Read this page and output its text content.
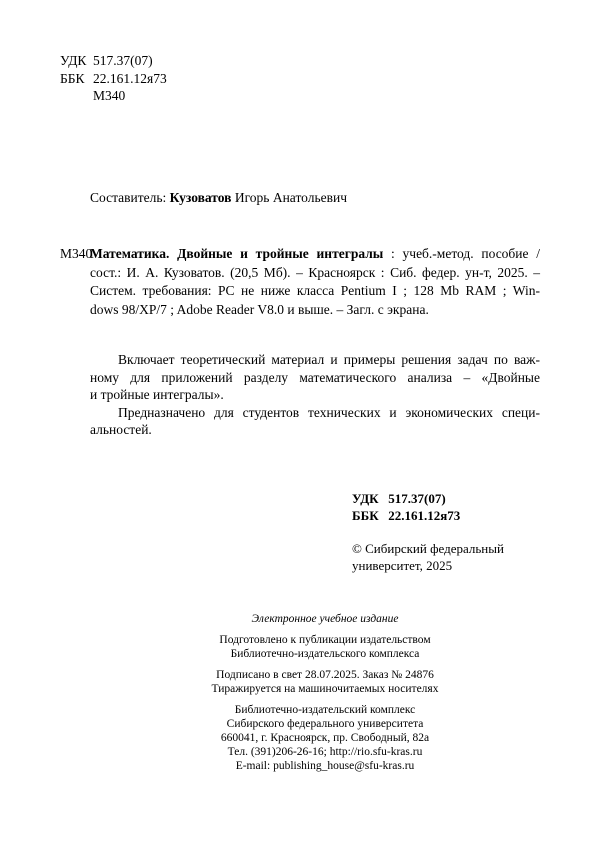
УДК 517.37(07)
ББК 22.161.12я73
М340
Составитель: Кузоватов Игорь Анатольевич
М340Математика. Двойные и тройные интегралы : учеб.-метод. пособие /
сост.: И. А. Кузоватов. (20,5 Мб). – Красноярск : Сиб. федер. ун-т, 2025. –
Систем. требования: PC не ниже класса Pentium I ; 128 Mb RAM ; Win-
dows 98/XP/7 ; Adobe Reader V8.0 и выше. – Загл. с экрана.
Включает теоретический материал и примеры решения задач по важ-
ному для приложений разделу математического анализа – «Двойные
и тройные интегралы».
Предназначено для студентов технических и экономических специ-
альностей.
УДК 517.37(07)
ББК 22.161.12я73
© Сибирский федеральный
университет, 2025
Электронное учебное издание
Подготовлено к публикации издательством
Библиотечно-издательского комплекса
Подписано в свет 28.07.2025. Заказ № 24876
Тиражируется на машиночитаемых носителях
Библиотечно-издательский комплекс
Сибирского федерального университета
660041, г. Красноярск, пр. Свободный, 82а
Тел. (391)206-26-16; http://rio.sfu-kras.ru
E-mail: publishing_house@sfu-kras.ru
